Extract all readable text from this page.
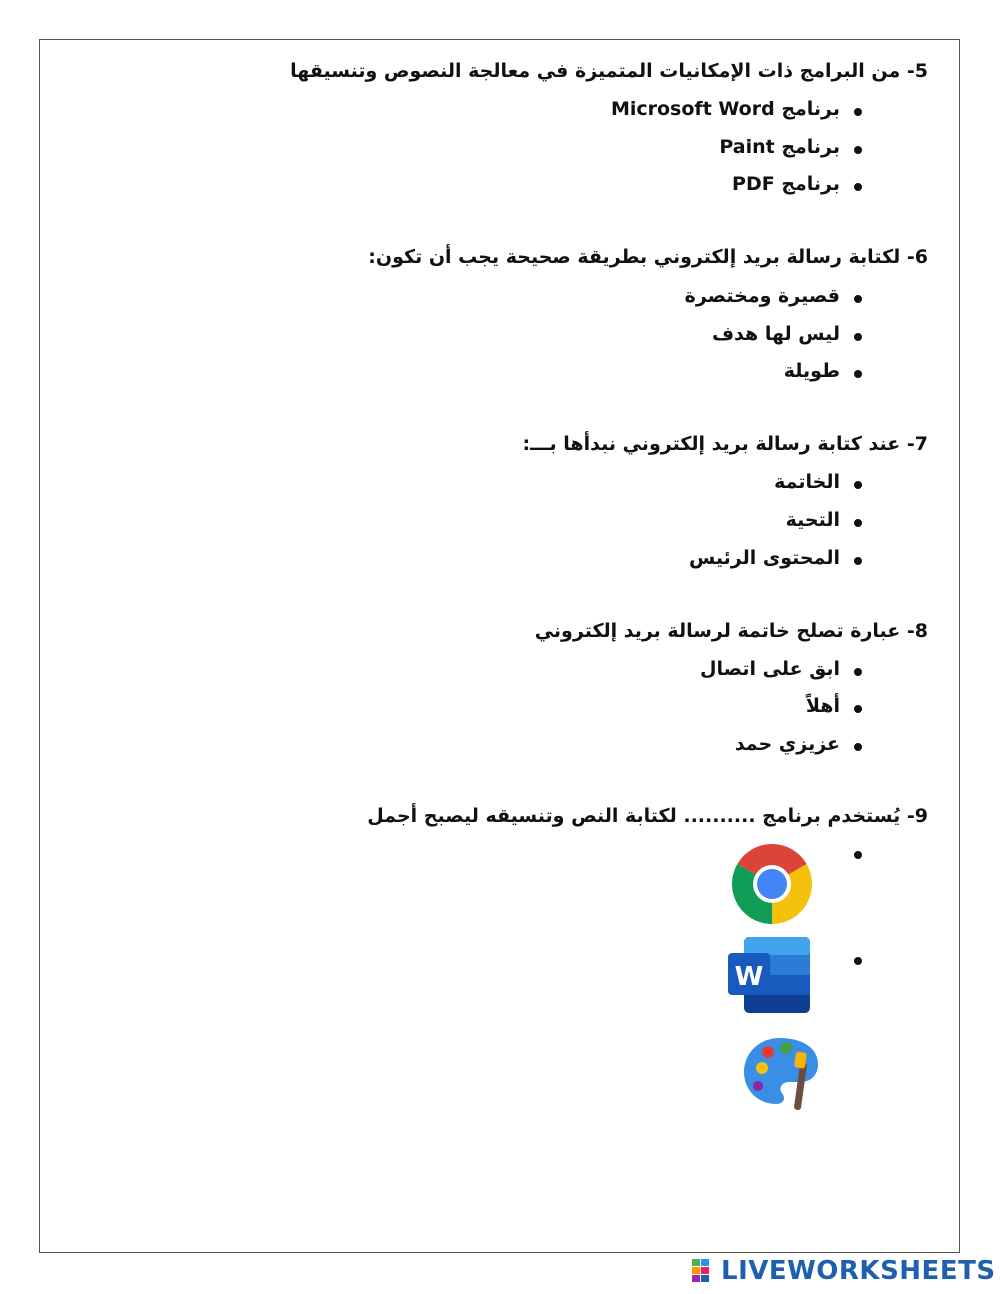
5- من البرامج ذات الإمكانيات المتميزة في معالجة النصوص وتنسيقها
برنامج Microsoft Word
برنامج Paint
برنامج PDF
6- لكتابة رسالة بريد إلكتروني بطريقة صحيحة يجب أن تكون:
قصيرة ومختصرة
ليس لها هدف
طويلة
7- عند كتابة رسالة بريد إلكتروني نبدأها بـــ:
الخاتمة
التحية
المحتوى الرئيس
8- عبارة تصلح خاتمة لرسالة بريد إلكتروني
ابق على اتصال
أهلاً
عزيزي حمد
9- يُستخدم برنامج .......... لكتابة النص وتنسيقه ليصبح أجمل
W
LIVEWORKSHEETS
